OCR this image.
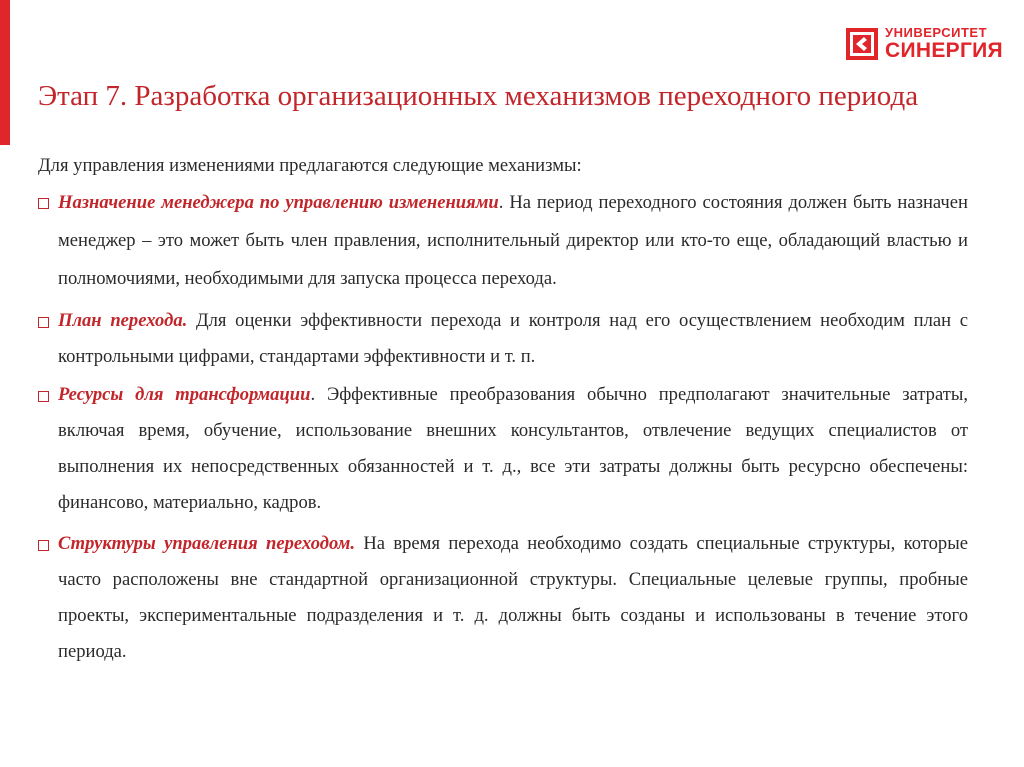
УНИВЕРСИТЕТ
СИНЕРГИЯ
Этап 7. Разработка организационных механизмов переходного периода

Для управления изменениями предлагаются следующие механизмы:

Назначение менеджера по управлению изменениями. На период переходного состояния должен быть назначен менеджер – это может быть член правления, исполнительный директор или кто-то еще, обладающий властью и полномочиями, необходимыми для запуска процесса перехода.

План перехода. Для оценки эффективности перехода и контроля над его осуществлением необходим план с контрольными цифрами, стандартами эффективности и т. п.

Ресурсы для трансформации. Эффективные преобразования обычно предполагают значительные затраты, включая время, обучение, использование внешних консультантов, отвлечение ведущих специалистов от выполнения их непосредственных обязанностей и т. д., все эти затраты должны быть ресурсно обеспечены: финансово, материально, кадров.

Структуры управления переходом. На время перехода необходимо создать специальные структуры, которые часто расположены вне стандартной организационной структуры. Специальные целевые группы, пробные проекты, экспериментальные подразделения и т. д. должны быть созданы и использованы в течение этого периода.
